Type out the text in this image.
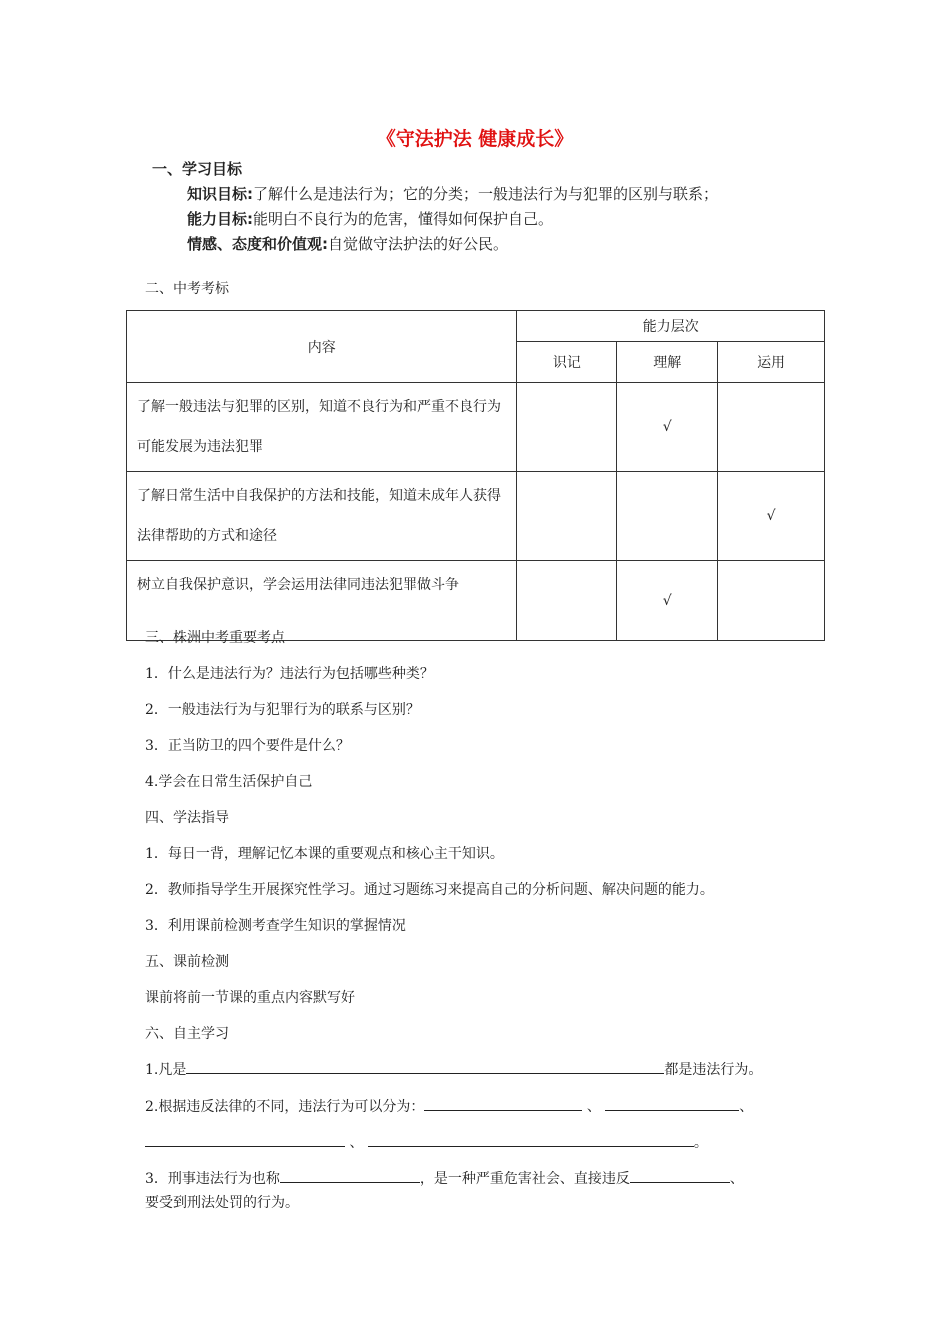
《守法护法 健康成长》
一、学习目标
知识目标:了解什么是违法行为；它的分类；一般违法行为与犯罪的区别与联系；
能力目标:能明白不良行为的危害，懂得如何保护自己。
情感、态度和价值观:自觉做守法护法的好公民。
二、中考考标
内容	能力层次		
	识记	理解	运用
了解一般违法与犯罪的区别，知道不良行为和严重不良行为可能发展为违法犯罪		√	
了解日常生活中自我保护的方法和技能，知道未成年人获得法律帮助的方式和途径			√
树立自我保护意识，学会运用法律同违法犯罪做斗争		√	
三、株洲中考重要考点
1．什么是违法行为？违法行为包括哪些种类？
2．一般违法行为与犯罪行为的联系与区别？
3．正当防卫的四个要件是什么？
4.学会在日常生活保护自己
四、学法指导
1．每日一背，理解记忆本课的重要观点和核心主干知识。
2．教师指导学生开展探究性学习。通过习题练习来提高自己的分析问题、解决问题的能力。
3．利用课前检测考查学生知识的掌握情况
五、课前检测
课前将前一节课的重点内容默写好
六、自主学习
1.凡是	都是违法行为。
2.根据违反法律的不同，违法行为可以分为：	、	、
、	。
3．刑事违法行为也称	，是一种严重危害社会、直接违反	、
要受到刑法处罚的行为。
